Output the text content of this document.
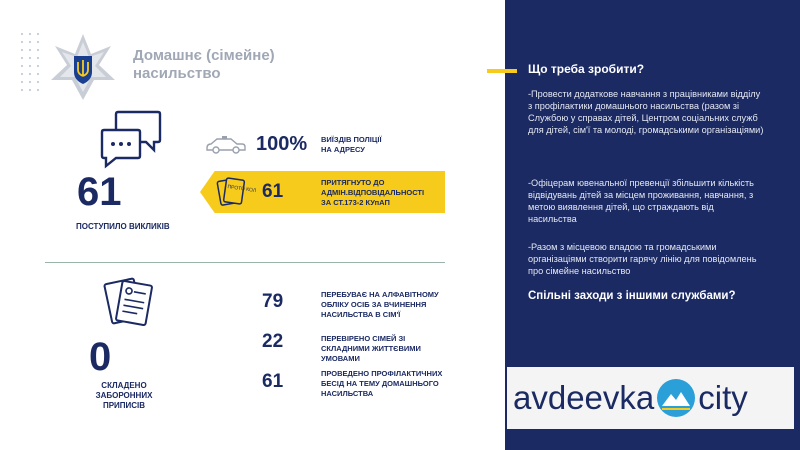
Домашнє (сімейне)
насильство
61
ПОСТУПИЛО ВИКЛИКІВ
100% ВИЇЗДІВ ПОЛІЦІЇ
НА АДРЕСУ
ПРОТО КОЛ 61	ПРИТЯГНУТО ДО
АДМІН.ВІДПОВІДАЛЬНОСТІ
ЗА СТ.173-2 КУпАП
0
СКЛАДЕНО
ЗАБОРОННИХ ПРИПИСІВ
79	ПЕРЕБУВАЄ НА АЛФАВІТНОМУ
ОБЛІКУ ОСІБ ЗА ВЧИНЕННЯ
НАСИЛЬСТВА В СІМ'Ї
22	ПЕРЕВІРЕНО СІМЕЙ ЗІ
СКЛАДНИМИ ЖИТТЄВИМИ
УМОВАМИ
61	ПРОВЕДЕНО ПРОФІЛАКТИЧНИХ
БЕСІД НА ТЕМУ ДОМАШНЬОГО
НАСИЛЬСТВА
Що треба зробити?
-Провести додаткове навчання з працівниками відділу з профілактики домашнього насильства (разом зі Службою у справах дітей, Центром соціальних служб для дітей, сім'ї та молоді, громадськими організаціями)
-Офіцерам ювенальної превенції збільшити кількість відвідувань дітей за місцем проживання, навчання, з метою виявлення дітей, що страждають від насильства
-Разом з місцевою владою та громадськими організаціями створити гарячу лінію для повідомлень про сімейне насильство
Спільні заходи з іншими службами?
avdeevka city
